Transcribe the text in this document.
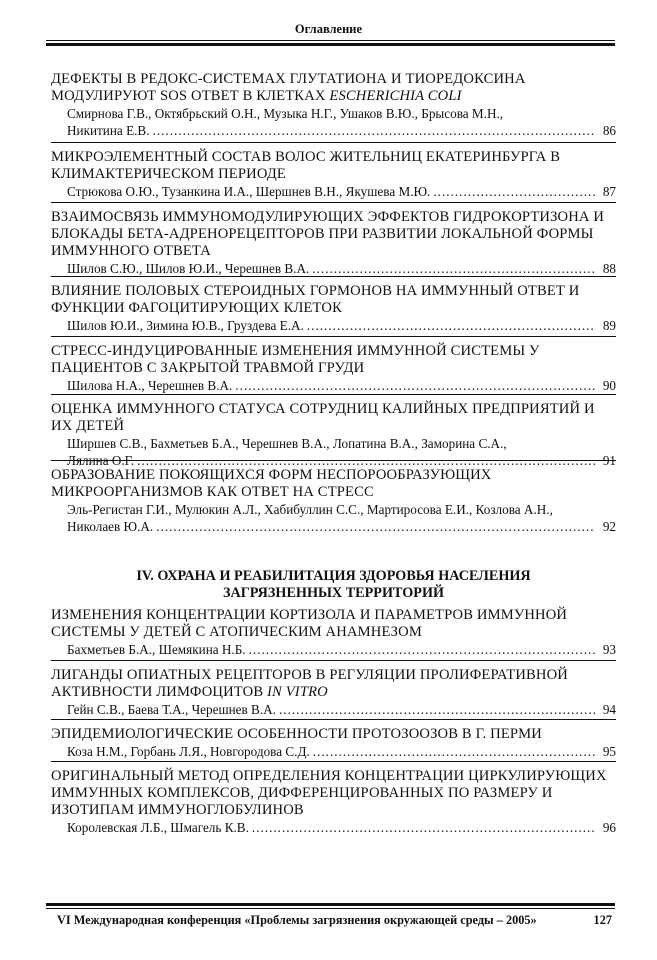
Оглавление
ДЕФЕКТЫ В РЕДОКС-СИСТЕМАХ ГЛУТАТИОНА И ТИОРЕДОКСИНА
МОДУЛИРУЮТ SOS ОТВЕТ В КЛЕТКАХ ESCHERICHIA COLI
Смирнова Г.В., Октябрьский О.Н., Музыка Н.Г., Ушаков В.Ю., Брысова М.Н.,
Никитина Е.В. .....	86
МИКРОЭЛЕМЕНТНЫЙ СОСТАВ ВОЛОС ЖИТЕЛЬНИЦ ЕКАТЕРИНБУРГА В
КЛИМАКТЕРИЧЕСКОМ ПЕРИОДЕ
Стрюкова О.Ю., Тузанкина И.А., Шершнев В.Н., Якушева М.Ю. .....	87
ВЗАИМОСВЯЗЬ ИММУНОМОДУЛИРУЮЩИХ ЭФФЕКТОВ ГИДРОКОРТИЗОНА И
БЛОКАДЫ БЕТА-АДРЕНОРЕЦЕПТОРОВ ПРИ РАЗВИТИИ ЛОКАЛЬНОЙ ФОРМЫ
ИММУННОГО ОТВЕТА
Шилов С.Ю., Шилов Ю.И., Черешнев В.А. .....	88
ВЛИЯНИЕ ПОЛОВЫХ СТЕРОИДНЫХ ГОРМОНОВ НА ИММУННЫЙ ОТВЕТ И
ФУНКЦИИ ФАГОЦИТИРУЮЩИХ КЛЕТОК
Шилов Ю.И., Зимина Ю.В., Груздева Е.А. .....	89
СТРЕСС-ИНДУЦИРОВАННЫЕ ИЗМЕНЕНИЯ ИММУННОЙ СИСТЕМЫ У
ПАЦИЕНТОВ С ЗАКРЫТОЙ ТРАВМОЙ ГРУДИ
Шилова Н.А., Черешнев В.А. .....	90
ОЦЕНКА ИММУННОГО СТАТУСА СОТРУДНИЦ КАЛИЙНЫХ ПРЕДПРИЯТИЙ И
ИХ ДЕТЕЙ
Ширшев С.В., Бахметьев Б.А., Черешнев В.А., Лопатина В.А., Заморина С.А.,
Лялина О.Г. .....	91
ОБРАЗОВАНИЕ ПОКОЯЩИХСЯ ФОРМ НЕСПОРООБРАЗУЮЩИХ
МИКРООРГАНИЗМОВ КАК ОТВЕТ НА СТРЕСС
Эль-Регистан Г.И., Мулюкин А.Л., Хабибуллин С.С., Мартиросова Е.И., Козлова А.Н.,
Николаев Ю.А. .....	92
ИЗМЕНЕНИЯ КОНЦЕНТРАЦИИ КОРТИЗОЛА И ПАРАМЕТРОВ ИММУННОЙ
СИСТЕМЫ У ДЕТЕЙ С АТОПИЧЕСКИМ АНАМНЕЗОМ
Бахметьев Б.А., Шемякина Н.Б. .....	93
ЛИГАНДЫ ОПИАТНЫХ РЕЦЕПТОРОВ В РЕГУЛЯЦИИ ПРОЛИФЕРАТИВНОЙ
АКТИВНОСТИ ЛИМФОЦИТОВ IN VITRO
Гейн С.В., Баева Т.А., Черешнев В.А. .....	94
ЭПИДЕМИОЛОГИЧЕСКИЕ ОСОБЕННОСТИ ПРОТОЗООЗОВ В Г. ПЕРМИ
Коза Н.М., Горбань Л.Я., Новгородова С.Д. .....	95
ОРИГИНАЛЬНЫЙ МЕТОД ОПРЕДЕЛЕНИЯ КОНЦЕНТРАЦИИ ЦИРКУЛИРУЮЩИХ
ИММУННЫХ КОМПЛЕКСОВ, ДИФФЕРЕНЦИРОВАННЫХ ПО РАЗМЕРУ И
ИЗОТИПАМ ИММУНОГЛОБУЛИНОВ
Королевская Л.Б., Шмагель К.В. .....	96
IV. ОХРАНА И РЕАБИЛИТАЦИЯ ЗДОРОВЬЯ НАСЕЛЕНИЯ
ЗАГРЯЗНЕННЫХ ТЕРРИТОРИЙ
VI Международная конференция «Проблемы загрязнения окружающей среды – 2005»	127
